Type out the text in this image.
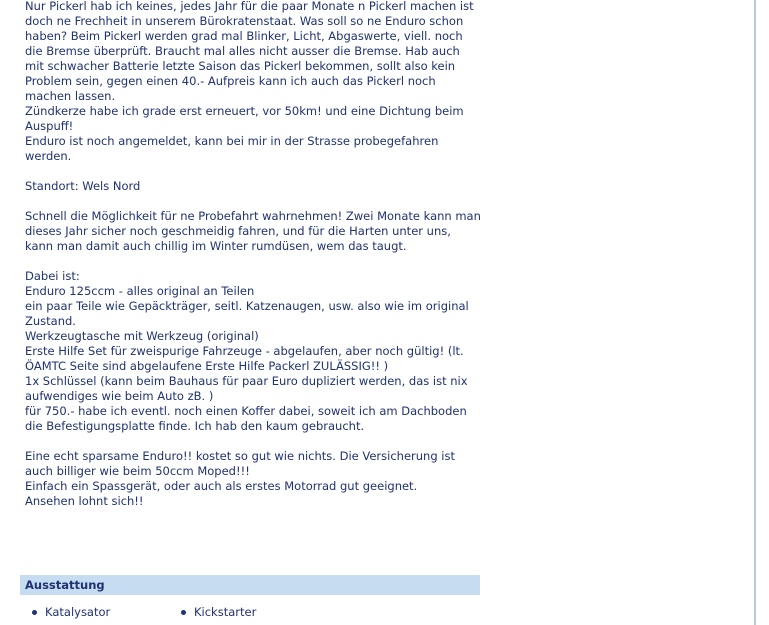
Nur Pickerl hab ich keines, jedes Jahr für die paar Monate n Pickerl machen ist
doch ne Frechheit in unserem Bürokratenstaat. Was soll so ne Enduro schon
haben? Beim Pickerl werden grad mal Blinker, Licht, Abgaswerte, viell. noch
die Bremse überprüft. Braucht mal alles nicht ausser die Bremse. Hab auch
mit schwacher Batterie letzte Saison das Pickerl bekommen, sollt also kein
Problem sein, gegen einen 40.- Aufpreis kann ich auch das Pickerl noch
machen lassen.
Zündkerze habe ich grade erst erneuert, vor 50km! und eine Dichtung beim
Auspuff!
Enduro ist noch angemeldet, kann bei mir in der Strasse probegefahren
werden.
Standort: Wels Nord
Schnell die Möglichkeit für ne Probefahrt wahrnehmen! Zwei Monate kann man
dieses Jahr sicher noch geschmeidig fahren, und für die Harten unter uns,
kann man damit auch chillig im Winter rumdüsen, wem das taugt.
Dabei ist:
Enduro 125ccm - alles original an Teilen
ein paar Teile wie Gepäckträger, seitl. Katzenaugen, usw. also wie im original
Zustand.
Werkzeugtasche mit Werkzeug (original)
Erste Hilfe Set für zweispurige Fahrzeuge - abgelaufen, aber noch gültig! (lt.
ÖAMTC Seite sind abgelaufene Erste Hilfe Packerl ZULÄSSIG!! )
1x Schlüssel (kann beim Bauhaus für paar Euro dupliziert werden, das ist nix
aufwendiges wie beim Auto zB. )
für 750.- habe ich eventl. noch einen Koffer dabei, soweit ich am Dachboden
die Befestigungsplatte finde. Ich hab den kaum gebraucht.
Eine echt sparsame Enduro!! kostet so gut wie nichts. Die Versicherung ist
auch billiger wie beim 50ccm Moped!!!
Einfach ein Spassgerät, oder auch als erstes Motorrad gut geeignet.
Ansehen lohnt sich!!
Ausstattung
Katalysator	Kickstarter
